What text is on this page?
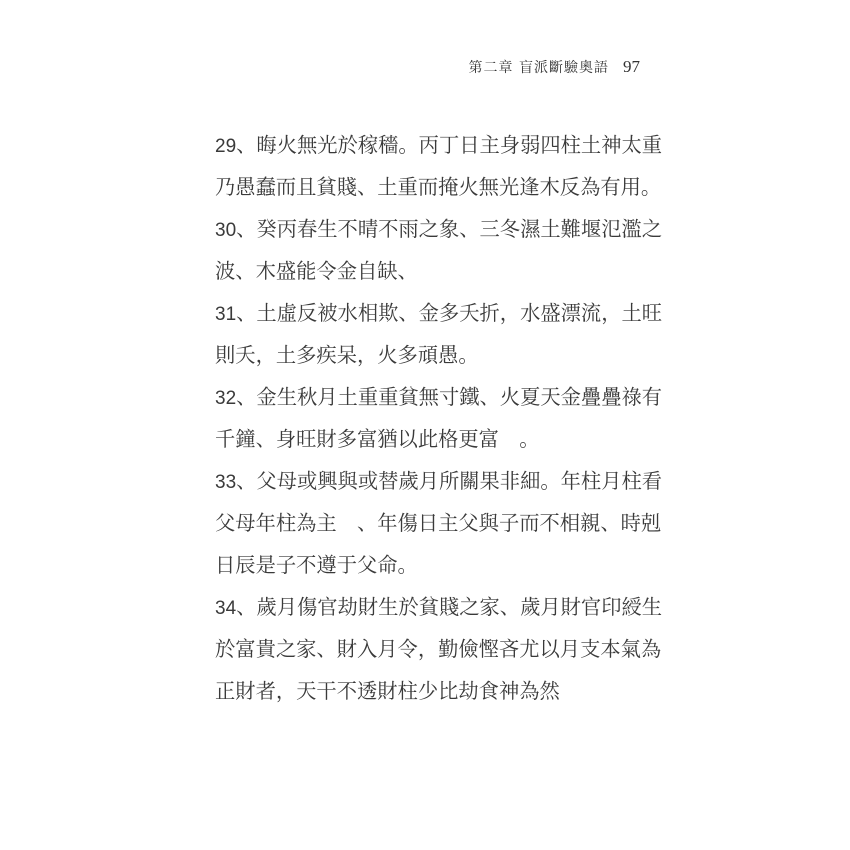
第二章 盲派斷驗奧語 97
29、晦火無光於稼穡。丙丁日主身弱四柱土神太重
乃愚蠢而且貧賤、土重而掩火無光逢木反為有用。
30、癸丙春生不晴不雨之象、三冬濕土難堰氾濫之
波、木盛能令金自缺、
31、土虛反被水相欺、金多夭折，水盛漂流，土旺
則夭，土多疾呆，火多頑愚。
32、金生秋月土重重貧無寸鐵、火夏天金疊疊祿有
千鐘、身旺財多富猶以此格更富　。
33、父母或興與或替歲月所關果非細。年柱月柱看
父母年柱為主　、年傷日主父與子而不相親、時剋
日辰是子不遵于父命。
34、歲月傷官劫財生於貧賤之家、歲月財官印綬生
於富貴之家、財入月令，勤儉慳吝尤以月支本氣為
正財者，天干不透財柱少比劫食神為然
